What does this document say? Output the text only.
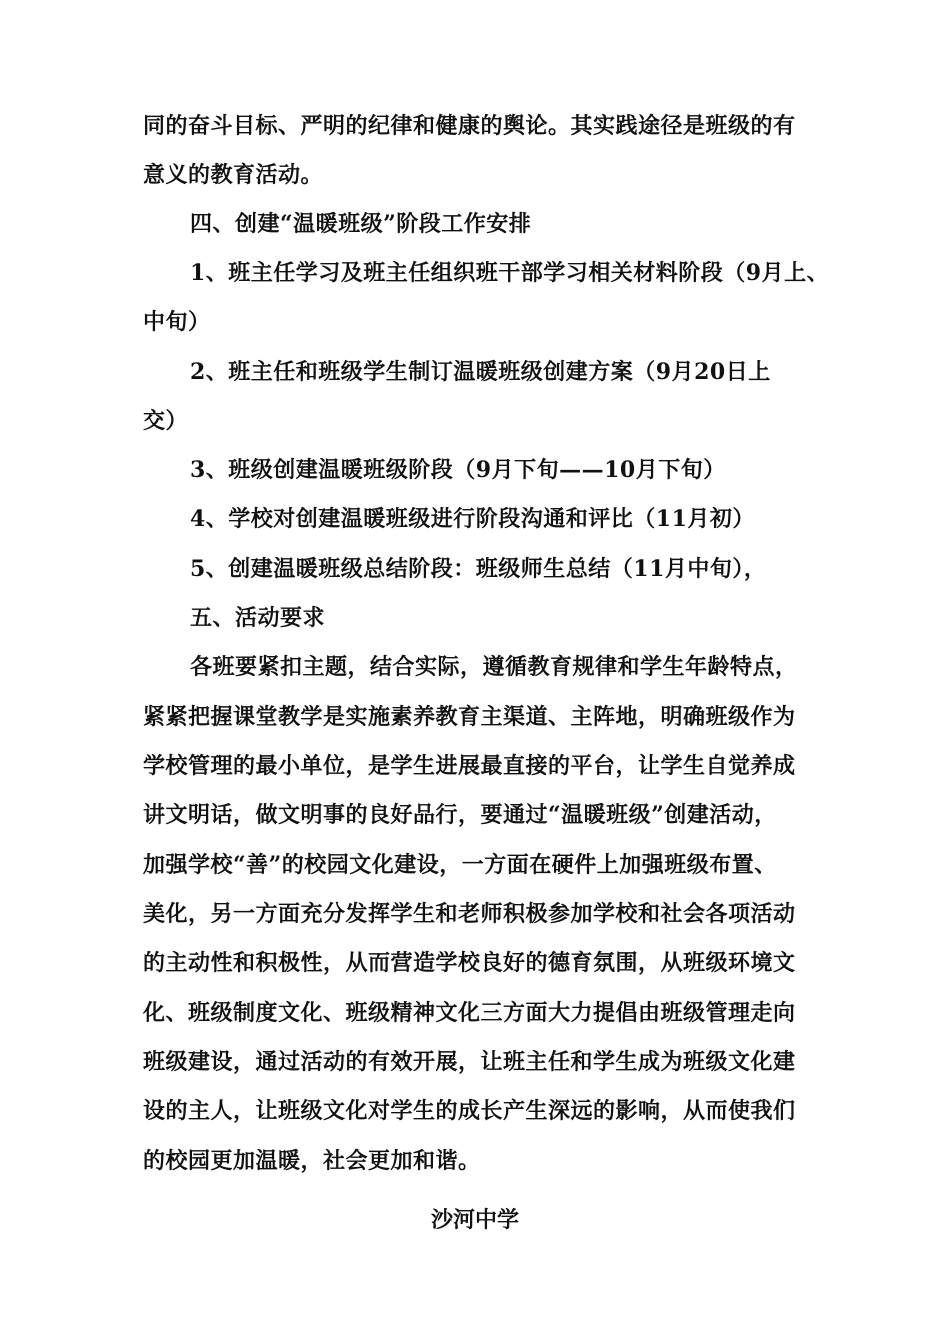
同的奋斗目标、严明的纪律和健康的舆论。其实践途径是班级的有
意义的教育活动。
四、创建“温暖班级”阶段工作安排
1、班主任学习及班主任组织班干部学习相关材料阶段（9月上、
中旬）
2、班主任和班级学生制订温暖班级创建方案（9月20日上
交）
3、班级创建温暖班级阶段（9月下旬——10月下旬）
4、学校对创建温暖班级进行阶段沟通和评比（11月初）
5、创建温暖班级总结阶段：班级师生总结（11月中旬），
五、活动要求
各班要紧扣主题，结合实际，遵循教育规律和学生年龄特点，
紧紧把握课堂教学是实施素养教育主渠道、主阵地，明确班级作为
学校管理的最小单位，是学生进展最直接的平台，让学生自觉养成
讲文明话，做文明事的良好品行，要通过“温暖班级”创建活动，
加强学校“善”的校园文化建设，一方面在硬件上加强班级布置、
美化，另一方面充分发挥学生和老师积极参加学校和社会各项活动
的主动性和积极性，从而营造学校良好的德育氛围，从班级环境文
化、班级制度文化、班级精神文化三方面大力提倡由班级管理走向
班级建设，通过活动的有效开展，让班主任和学生成为班级文化建
设的主人，让班级文化对学生的成长产生深远的影响，从而使我们
的校园更加温暖，社会更加和谐。
沙河中学
